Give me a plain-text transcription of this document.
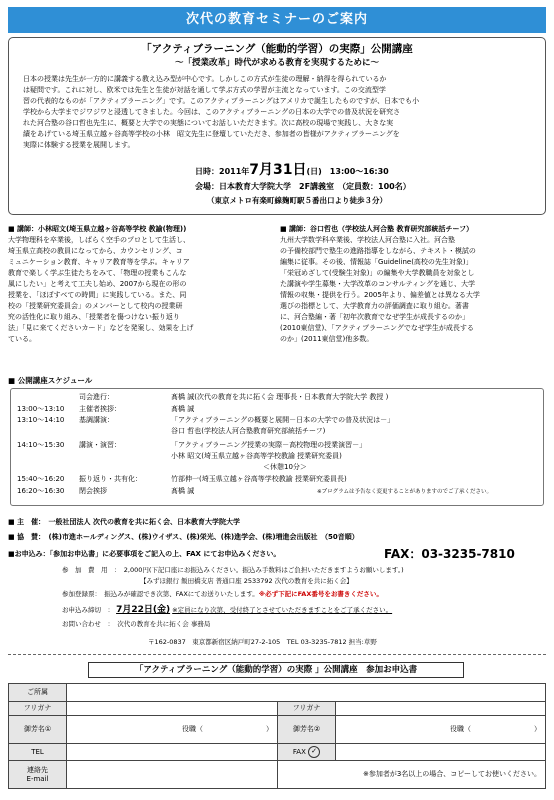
次代の教育セミナーのご案内
「アクティブラーニング（能動的学習）の実際」公開講座
～「授業改革」時代が求める教育を実現するために～
日本の授業は先生が一方的に講義する教え込み型が中心です。しかしこの方式が生徒の理解・納得を得られているか
は疑問です。これに対し、欧米では先生と生徒が対話を通して学ぶ方式の学習が主流となっています。この交流型学
習の代表的なものが「アクティブラーニング」です。このアクティブラーニングはアメリカで誕生したものですが、日本でも小
学校から大学までジワジワと浸透してきました。今回は、このアクティブラーニングの日本の大学での普及状況を研究さ
れた河合塾の谷口哲也先生に、概要と大学での実態についてお話しいただきます。次に高校の現場で実践し、大きな実
績をあげている埼玉県立越ヶ谷高等学校の小林　昭文先生に登壇していただき、参加者の皆様がアクティブラーニングを
実際に体験する授業を展開します。
日時：2011年7月31日(日)　13:00～16:30
会場：日本教育大学院大学　2F講義室　（定員数：100名）
（東京メトロ有楽町線麹町駅５番出口より徒歩３分）
■ 講師：小林昭文(埼玉県立越ヶ谷高等学校 教諭(物理))
大学物理科を卒業後，しばらく空手のプロとして生活し、
埼玉県立高校の教員になってから、カウンセリング、コ
ミュニケーション教育、キャリア教育等を学ぶ。キャリア
教育で楽しく学ぶ生徒たちをみて、「物理の授業もこんな
風にしたい」と考えて工夫し始め、2007から現在の形の
授業を、「ほぼすべての時間」に実践している。また、同
校の「授業研究委員会」のメンバーとして校内の授業研
究の活性化に取り組み、「授業者を傷つけない振り返り
法」「見に来てくださいカード」などを発案し、効果を上げ
ている。
■ 講師：谷口哲也（学校法人河合塾 教育研究部統括チーフ）
九州大学数学科卒業後、学校法人河合塾に入社。河合塾
の予備校部門で塾生の進路指導をしながら、テキスト・模試の
編集に従事。その後、情報誌「Guideline(高校の先生対象)」
「栄冠めざして(受験生対象)」の編集や大学教職員を対象とし
た講演や学生募集・大学改革のコンサルティングを通じ、大学
情報の収集・提供を行う。2005年より、偏差値とは異なる大学
選びの指標として、大学教育力の評価調査に取り組む。著書
に、河合塾編・著「初年次教育でなぜ学生が成長するのか」
(2010東信堂)、「アクティブラーニングでなぜ学生が成長する
のか」(2011東信堂)他多数。
■ 公開講座スケジュール
司会進行：	髙橋 誠(次代の教育を共に拓く会 理事長・日本教育大学院大学 教授 )
13:00～13:10 主催者挨拶：	髙橋 誠
13:10～14:10 基調講演：	「アクティブラーニングの概要と展開－日本の大学での普及状況は－」
谷口 哲也(学校法人河合塾教育研究部統括チーフ)
14:10～15:30 講演・演習：	「アクティブラーニング授業の実際－高校物理の授業演習－」
小林 昭文(埼玉県立越ヶ谷高等学校教諭 授業研究委員)
＜休憩10分＞
15:40～16:20 振り返り・共有化：	竹部伸一(埼玉県立越ヶ谷高等学校教諭 授業研究委員長)
16:20～16:30 閉会挨拶	髙橋 誠	※プログラムは予告なく変更することがありますのでご了承ください。
■ 主　催：　一般社団法人 次代の教育を共に拓く会、日本教育大学院大学
■ 協　賛：　(株)市進ホールディングス、(株)ウイザス、(株)栄光、(株)進学会、(株)増進会出版社　（50音順）
■お申込み：「参加お申込書」に必要事項をご記入の上、FAX にてお申込みください。	FAX：03-3235-7810
参　加　費　用　：　2,000円(下記口座にお振込みください。振込み手数料はご負担いただきますようお願いします。)
【みずほ銀行 飯田橋支店 普通口座 2533792 次代の教育を共に拓く会】
参加登録票：　振込みが確認でき次第、FAXにてお送りいたします。※必ず下記にFAX番号をお書きください。
お申込み締切　： 7月22日(金) ※定員になり次第、受付終了とさせていただきますことをご了承ください。
お問い合わせ　：　次代の教育を共に拓く会 事務局
〒162-0837　東京都新宿区納戸町27-2-105　TEL 03-3235-7812 担当:草野
「アクティブラーニング（能動的学習）の実際 」公開講座　参加お申込書
ご所属			
フリガナ		フリガナ	
御芳名①	役職（　　　　　　　　　）	御芳名②	役職（　　　　　　　　　）
TEL		FAX ✓	

連絡先
E-mail		※参加者が3名以上の場合、コピーしてお使いください。	
